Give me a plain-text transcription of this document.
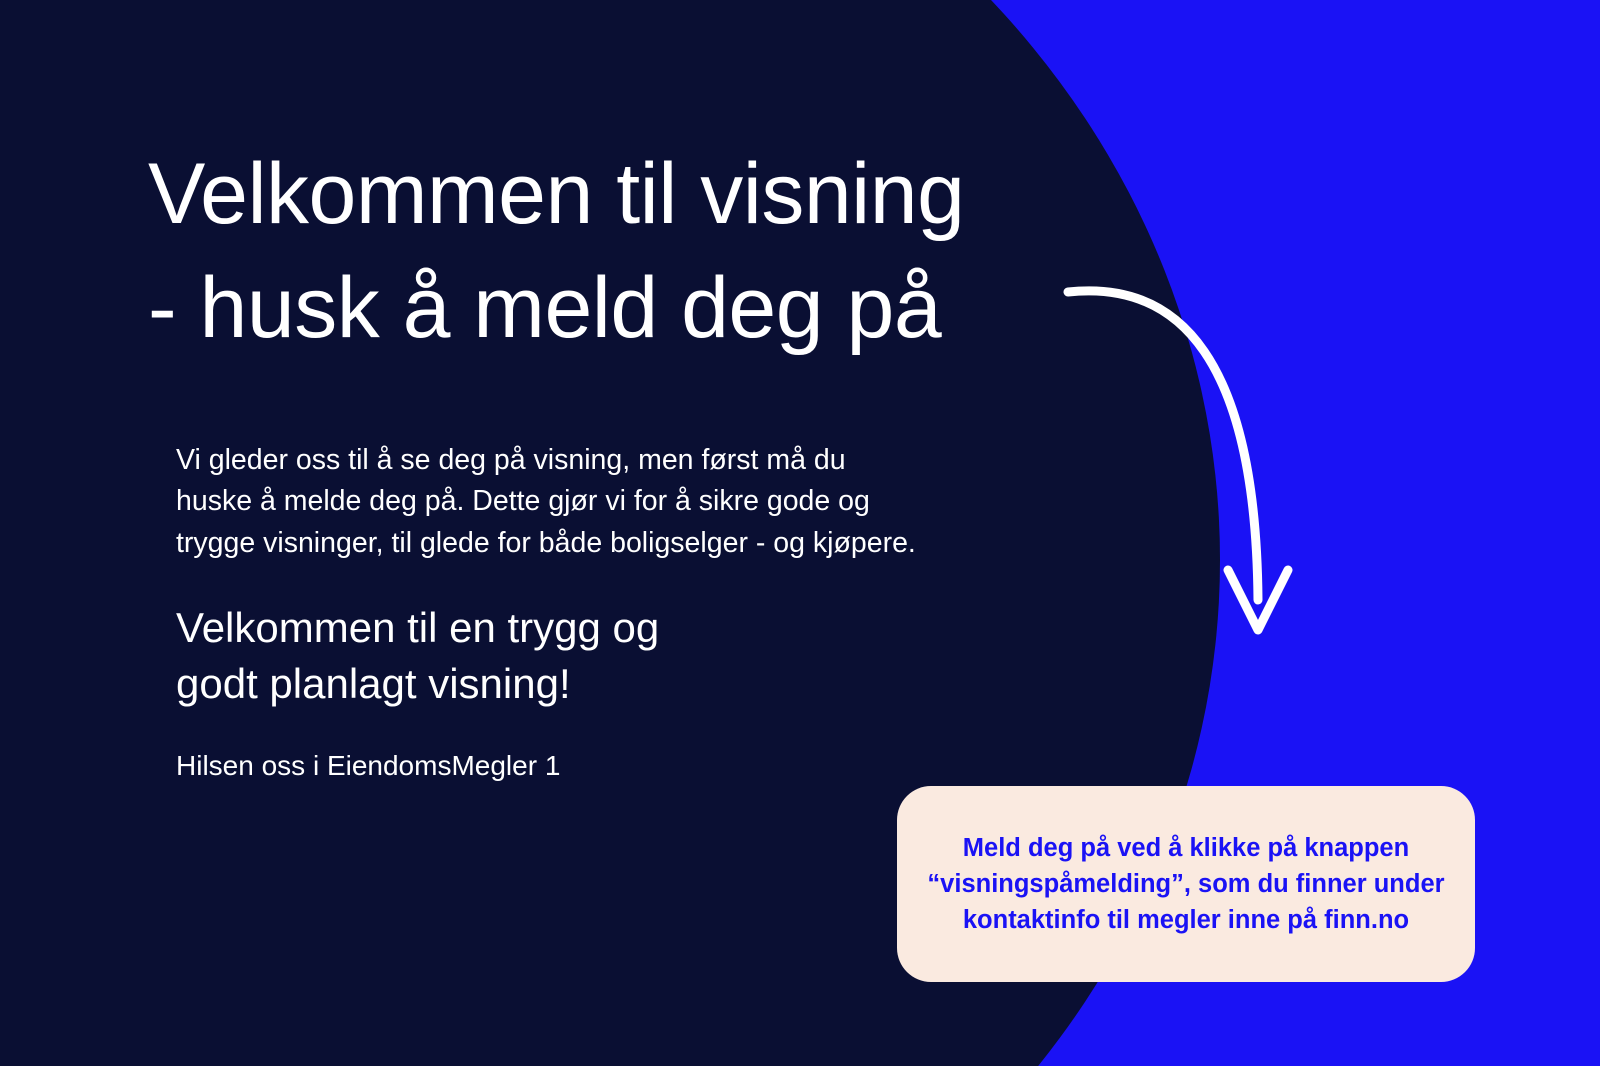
Velkommen til visning
- husk å meld deg på
Vi gleder oss til å se deg på visning, men først må du
huske å melde deg på. Dette gjør vi for å sikre gode og
trygge visninger, til glede for både boligselger - og kjøpere.
Velkommen til en trygg og
godt planlagt visning!
Hilsen oss i EiendomsMegler 1
Meld deg på ved å klikke på knappen
“visningspåmelding”, som du finner under
kontaktinfo til megler inne på finn.no
